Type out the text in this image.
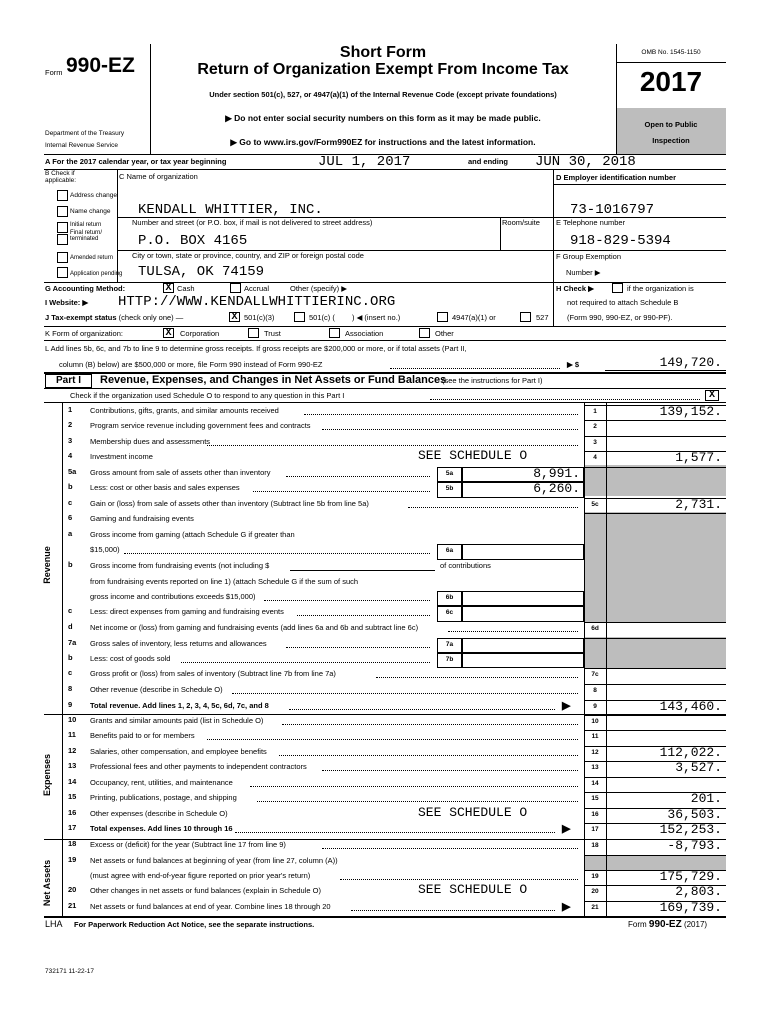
Form 990-EZ
Department of the Treasury
Internal Revenue Service
Short Form
Return of Organization Exempt From Income Tax
Under section 501(c), 527, or 4947(a)(1) of the Internal Revenue Code (except private foundations)
▶ Do not enter social security numbers on this form as it may be made public.
▶ Go to www.irs.gov/Form990EZ for instructions and the latest information.
OMB No. 1545-1150
2017
Open to Public
Inspection
A For the 2017 calendar year, or tax year beginning	JUL 1, 2017	and ending JUN 30, 2018
B Check if applicable:
Address change
Name change
Initial return
Final return/ terminated
Amended return
Application pending
C Name of organization
KENDALL WHITTIER, INC.
Number and street (or P.O. box, if mail is not delivered to street address)	Room/suite
P.O. BOX 4165
City or town, state or province, country, and ZIP or foreign postal code
TULSA, OK 74159
D Employer identification number
73-1016797
E Telephone number
918-829-5394
F Group Exemption
Number ▶
G Accounting Method:	X Cash	Accrual	Other (specify) ▶	H Check ▶	if the organization is
not required to attach Schedule B
(Form 990, 990-EZ, or 990-PF).
I Website: ▶ HTTP://WWW.KENDALLWHITTIERINC.ORG
J Tax-exempt status (check only one) —	X 501(c)(3)	501(c) ( ) ◀ (insert no.)	4947(a)(1) or	527
K Form of organization:	X	Corporation	Trust	Association	Other
L Add lines 5b, 6c, and 7b to line 9 to determine gross receipts. If gross receipts are $200,000 or more, or if total assets (Part II,
column (B) below) are $500,000 or more, file Form 990 instead of Form 990-EZ	▶ $	149,720.
Part I	Revenue, Expenses, and Changes in Net Assets or Fund Balances
(see the instructions for Part I)
Check if the organization used Schedule O to respond to any question in this Part I	X
Revenue
Expenses
Net Assets
1 Contributions, gifts, grants, and similar amounts received	1	139,152.
2 Program service revenue including government fees and contracts	2
3 Membership dues and assessments	3
4 Investment income	SEE SCHEDULE O	4	1,577.
5a Gross amount from sale of assets other than inventory	5a	8,991.
b Less: cost or other basis and sales expenses	5b	6,260.
c Gain or (loss) from sale of assets other than inventory (Subtract line 5b from line 5a)	5c	2,731.
6 Gaming and fundraising events
a Gross income from gaming (attach Schedule G if greater than
$15,000)	6a
b Gross income from fundraising events (not including $	of contributions
from fundraising events reported on line 1) (attach Schedule G if the sum of such
gross income and contributions exceeds $15,000)	6b
c Less: direct expenses from gaming and fundraising events	6c
d Net income or (loss) from gaming and fundraising events (add lines 6a and 6b and subtract line 6c)	6d
7a Gross sales of inventory, less returns and allowances	7a
b Less: cost of goods sold	7b
c Gross profit or (loss) from sales of inventory (Subtract line 7b from line 7a)	7c
8 Other revenue (describe in Schedule O)	8
9 Total revenue. Add lines 1, 2, 3, 4, 5c, 6d, 7c, and 8	▶	9	143,460.
10 Grants and similar amounts paid (list in Schedule O)	10
11 Benefits paid to or for members	11
12 Salaries, other compensation, and employee benefits	12	112,022.
13 Professional fees and other payments to independent contractors	13	3,527.
14 Occupancy, rent, utilities, and maintenance	14
15 Printing, publications, postage, and shipping	15	201.
16 Other expenses (describe in Schedule O)	SEE SCHEDULE O	16	36,503.
17 Total expenses. Add lines 10 through 16	▶	17	152,253.
18 Excess or (deficit) for the year (Subtract line 17 from line 9)	18	-8,793.
19 Net assets or fund balances at beginning of year (from line 27, column (A))
(must agree with end-of-year figure reported on prior year's return)	19	175,729.
20 Other changes in net assets or fund balances (explain in Schedule O)	SEE SCHEDULE O	20	2,803.
21 Net assets or fund balances at end of year. Combine lines 18 through 20	▶	21	169,739.
LHA For Paperwork Reduction Act Notice, see the separate instructions.	Form 990-EZ (2017)
732171 11-22-17
